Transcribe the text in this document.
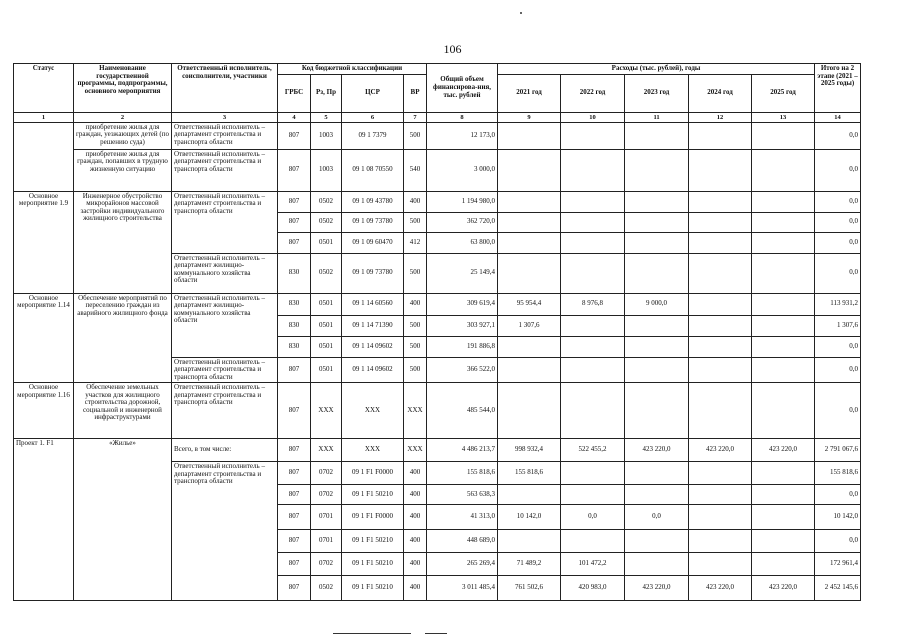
106
Статус	Наименование государственной программы, подпрограммы, основного мероприятия	Ответственный исполнитель, соисполнители, участники	Код бюджетной классификации				Общий объем финансирова-ния, тыс. рублей	Расходы (тыс. рублей), годы					Итого на 2 этапе (2021 – 2025 годы)
			ГРБС	Рз, Пр	ЦСР	ВР		2021 год	2022 год	2023 год	2024 год	2025 год	
1	2	3	4	5	6	7	8	9	10	11	12	13	14
	приобретение жилья для граждан, уезжающих детей (по решению суда)	Ответственный исполнитель – департамент строительства и транспорта области	807	1003	09 1 7379	500	12 173,0						0,0
	приобретение жилья для граждан, попавших в трудную жизненную ситуацию	Ответственный исполнитель – департамент строительства и транспорта области	807	1003	09 1 08 70550	540	3 000,0						0,0
Основное мероприятие 1.9	Инженерное обустройство микрорайонов массовой застройки индивидуального жилищного строительства	Ответственный исполнитель – департамент строительства и транспорта области	807	0502	09 1 09 43780	400	1 194 980,0						0,0
			807	0502	09 1 09 73780	500	362 720,0						0,0
			807	0501	09 1 09 60470	412	63 800,0						0,0
		Ответственный исполнитель – департамент жилищно-коммунального хозяйства области	830	0502	09 1 09 73780	500	25 149,4						0,0
Основное мероприятие 1.14	Обеспечение мероприятий по переселению граждан из аварийного жилищного фонда	Ответственный исполнитель – департамент жилищно-коммунального хозяйства области	830	0501	09 1 14 60560	400	309 619,4	95 954,4	8 976,8	9 000,0			113 931,2
			830	0501	09 1 14 71390	500	303 927,1	1 307,6					1 307,6
			830	0501	09 1 14 09602	500	191 886,8						0,0
		Ответственный исполнитель – департамент строительства и транспорта области	807	0501	09 1 14 09602	500	366 522,0						0,0
Основное мероприятие 1.16	Обеспечение земельных участков для жилищного строительства дорожной, социальной и инженерной инфраструктурами	Ответственный исполнитель – департамент строительства и транспорта области	807	XXX	XXX	XXX	485 544,0						0,0
Проект 1. F1	«Жилье»	Всего, в том числе:	807	XXX	XXX	XXX	4 486 213,7	998 932,4	522 455,2	423 220,0	423 220,0	423 220,0	2 791 067,6
		Ответственный исполнитель – департамент строительства и транспорта области	807	0702	09 1 F1 F0000	400	155 818,6	155 818,6					155 818,6
			807	0702	09 1 F1 50210	400	563 638,3						0,0
			807	0701	09 1 F1 F0000	400	41 313,0	10 142,0	0,0	0,0			10 142,0
			807	0701	09 1 F1 50210	400	448 689,0						0,0
			807	0702	09 1 F1 50210	400	265 269,4	71 489,2	101 472,2				172 961,4
			807	0502	09 1 F1 50210	400	3 011 485,4	761 502,6	420 983,0	423 220,0	423 220,0	423 220,0	2 452 145,6
